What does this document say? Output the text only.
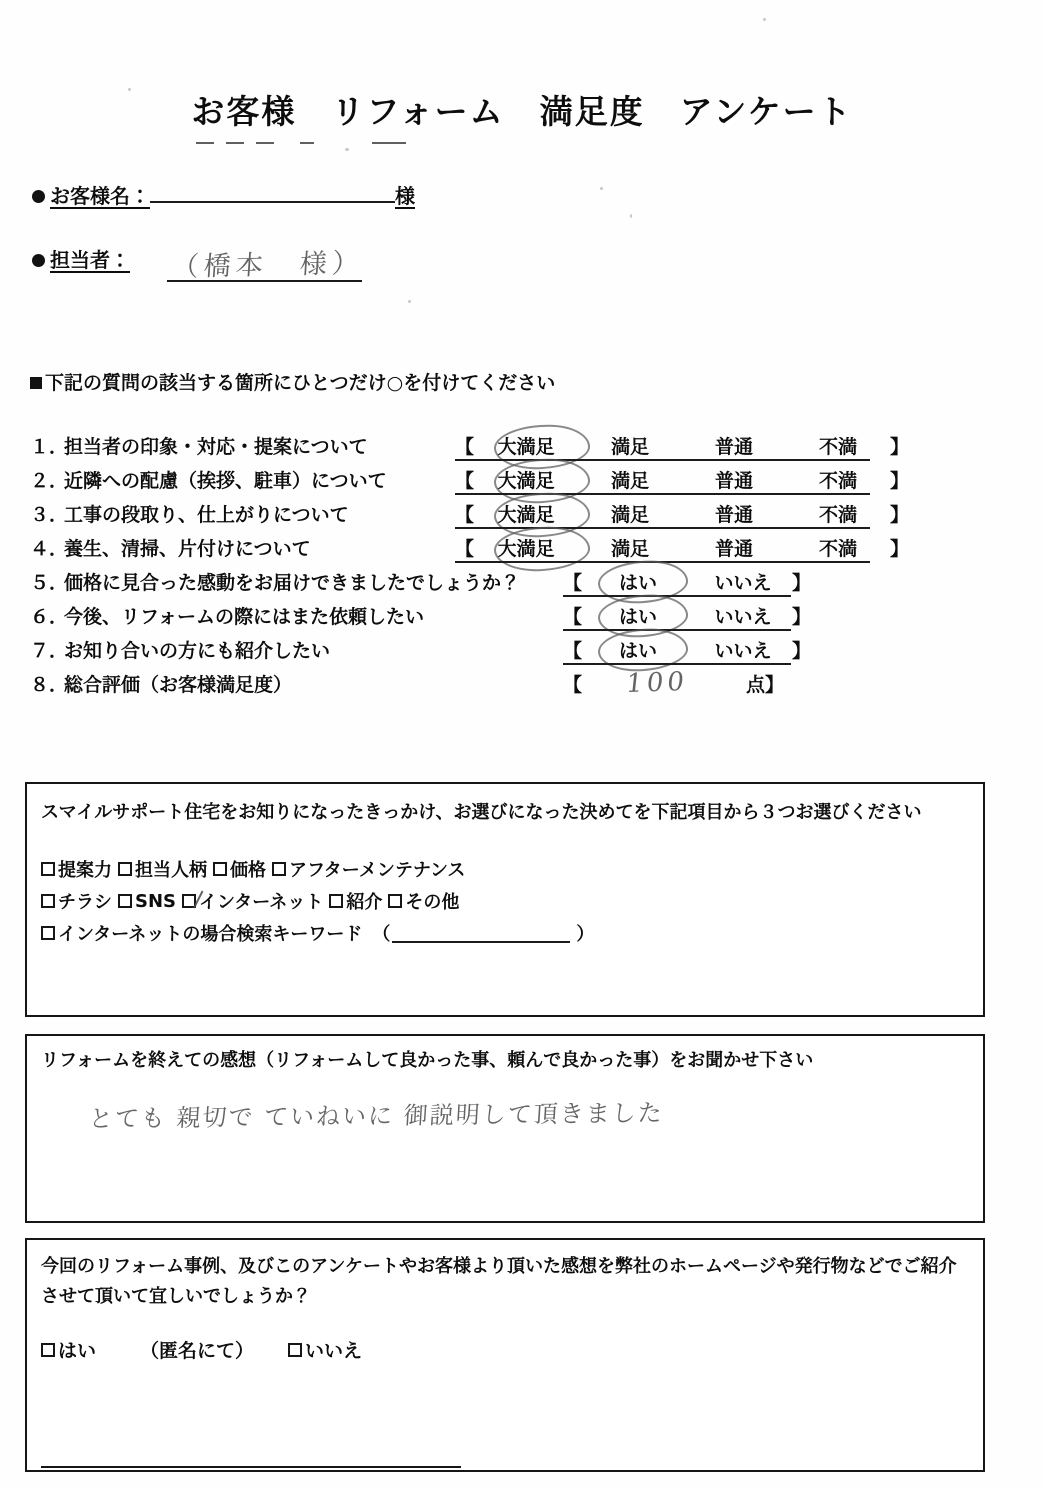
お客様　リフォーム　満足度　アンケート
お客様名：	様
担当者： （橋本　様）
下記の質問の該当する箇所にひとつだけ○を付けてください
１．
担当者の印象・対応・提案について	【	大満足	満足	普通	不満	】
２．
近隣への配慮（挨拶、駐車）について	【	大満足	満足	普通	不満	】
３．
工事の段取り、仕上がりについて	【	大満足	満足	普通	不満	】
４．
養生、清掃、片付けについて	【	大満足	満足	普通	不満	】
５．
価格に見合った感動をお届けできましたでしょうか？ 【	はい	いいえ	】
６．
今後、リフォームの際にはまた依頼したい	【	はい	いいえ	】
７．
お知り合いの方にも紹介したい	【	はい	いいえ	】
８．
総合評価（お客様満足度）	【	100	点】
スマイルサポート住宅をお知りになったきっかけ、お選びになった決めてを下記項目から３つお選びください
提案力 担当人柄 価格 アフターメンテナンス
チラシ SNS インターネット 紹介 その他
インターネットの場合検索キーワード （	）
リフォームを終えての感想（リフォームして良かった事、頼んで良かった事）をお聞かせ下さい
とても 親切で ていねいに 御説明して頂きました
今回のリフォーム事例、及びこのアンケートやお客様より頂いた感想を弊社のホームページや発行物などでご紹介させて頂いて宜しいでしょうか？
はい （匿名にて）	いいえ
